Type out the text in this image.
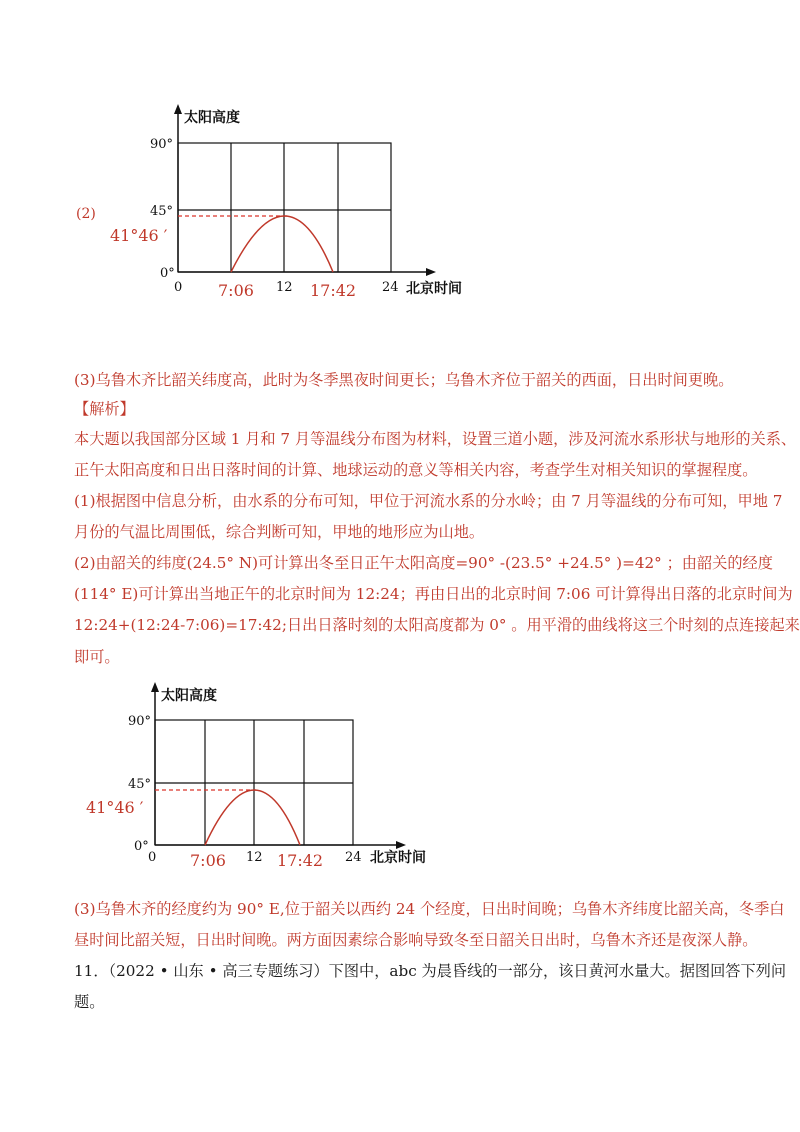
(2)
太阳高度
90°
45°
0°
0	12	24 北京时间
41°46 ′
7:06	17:42
(3)乌鲁木齐比韶关纬度高，此时为冬季黑夜时间更长；乌鲁木齐位于韶关的西面，日出时间更晚。
【解析】
本大题以我国部分区域 1 月和 7 月等温线分布图为材料，设置三道小题，涉及河流水系形状与地形的关系、
正午太阳高度和日出日落时间的计算、地球运动的意义等相关内容，考查学生对相关知识的掌握程度。
(1)根据图中信息分析，由水系的分布可知，甲位于河流水系的分水岭；由 7 月等温线的分布可知，甲地 7
月份的气温比周围低，综合判断可知，甲地的地形应为山地。
(2)由韶关的纬度(24.5° N)可计算出冬至日正午太阳高度=90° -(23.5° +24.5° )=42° ；由韶关的经度
(114° E)可计算出当地正午的北京时间为 12:24；再由日出的北京时间 7:06 可计算得出日落的北京时间为
12:24+(12:24-7:06)=17:42;日出日落时刻的太阳高度都为 0° 。用平滑的曲线将这三个时刻的点连接起来
即可。
太阳高度
90°
45°
0°
0	12	24 北京时间
41°46 ′
7:06	17:42
(3)乌鲁木齐的经度约为 90° E,位于韶关以西约 24 个经度，日出时间晚；乌鲁木齐纬度比韶关高，冬季白
昼时间比韶关短，日出时间晚。两方面因素综合影响导致冬至日韶关日出时，乌鲁木齐还是夜深人静。
11．（2022 • 山东 • 高三专题练习）下图中，abc 为晨昏线的一部分，该日黄河水量大。据图回答下列问
题。
